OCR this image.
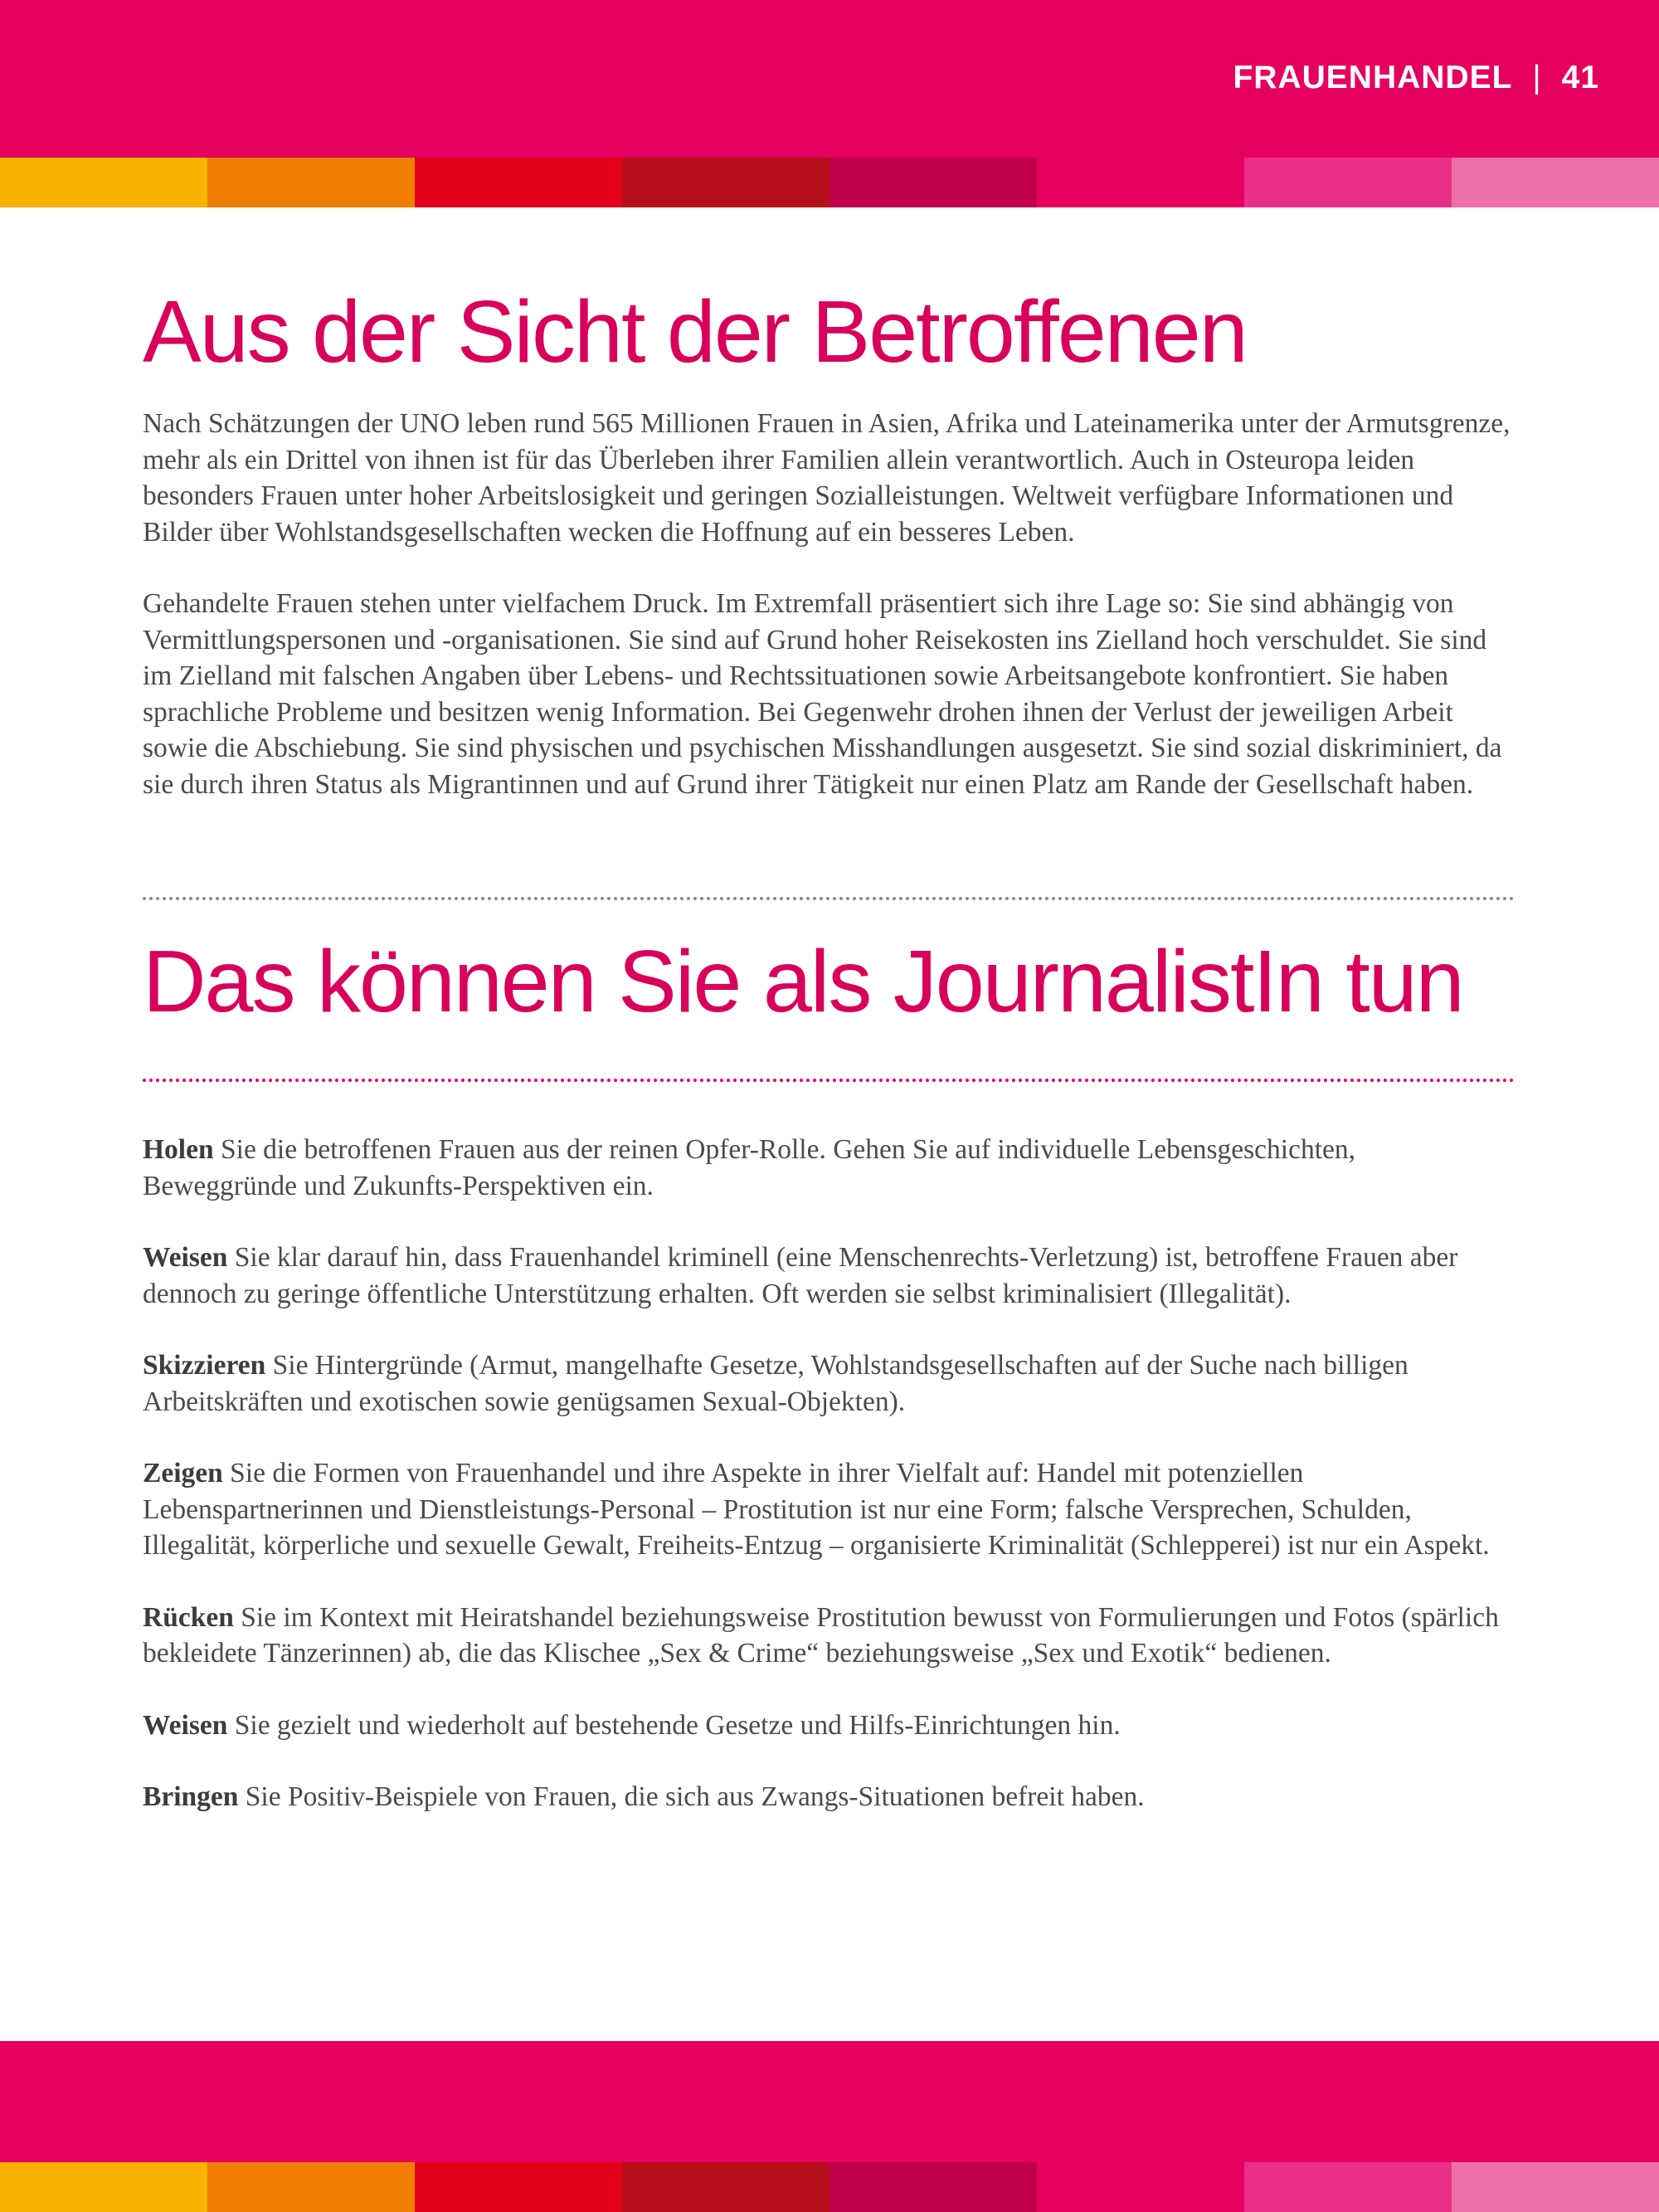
FRAUENHANDEL | 41
Aus der Sicht der Betroffenen

Nach Schätzungen der UNO leben rund 565 Millionen Frauen in Asien, Afrika und Lateinamerika unter der Armutsgrenze, mehr als ein Drittel von ihnen ist für das Überleben ihrer Familien allein verantwortlich. Auch in Osteuropa leiden besonders Frauen unter hoher Arbeitslosigkeit und geringen Sozialleistungen. Weltweit verfügbare Informationen und Bilder über Wohlstandsgesellschaften wecken die Hoffnung auf ein besseres Leben.

Gehandelte Frauen stehen unter vielfachem Druck. Im Extremfall präsentiert sich ihre Lage so: Sie sind abhängig von Vermittlungspersonen und -organisationen. Sie sind auf Grund hoher Reisekosten ins Zielland hoch verschuldet. Sie sind im Zielland mit falschen Angaben über Lebens- und Rechtssituationen sowie Arbeitsangebote konfrontiert. Sie haben sprachliche Probleme und besitzen wenig Information. Bei Gegenwehr drohen ihnen der Verlust der jeweiligen Arbeit sowie die Abschiebung. Sie sind physischen und psychischen Misshandlungen ausgesetzt. Sie sind sozial diskriminiert, da sie durch ihren Status als Migrantinnen und auf Grund ihrer Tätigkeit nur einen Platz am Rande der Gesellschaft haben.

Das können Sie als JournalistIn tun

Holen Sie die betroffenen Frauen aus der reinen Opfer-Rolle. Gehen Sie auf individuelle Lebensgeschichten, Beweggründe und Zukunfts-Perspektiven ein.

Weisen Sie klar darauf hin, dass Frauenhandel kriminell (eine Menschenrechts-Verletzung) ist, betroffene Frauen aber dennoch zu geringe öffentliche Unterstützung erhalten. Oft werden sie selbst kriminalisiert (Illegalität).

Skizzieren Sie Hintergründe (Armut, mangelhafte Gesetze, Wohlstandsgesellschaften auf der Suche nach billigen Arbeitskräften und exotischen sowie genügsamen Sexual-Objekten).

Zeigen Sie die Formen von Frauenhandel und ihre Aspekte in ihrer Vielfalt auf: Handel mit potenziellen Lebenspartnerinnen und Dienstleistungs-Personal – Prostitution ist nur eine Form; falsche Versprechen, Schulden, Illegalität, körperliche und sexuelle Gewalt, Freiheits-Entzug – organisierte Kriminalität (Schlepperei) ist nur ein Aspekt.

Rücken Sie im Kontext mit Heiratshandel beziehungsweise Prostitution bewusst von Formulierungen und Fotos (spärlich bekleidete Tänzerinnen) ab, die das Klischee „Sex & Crime“ beziehungsweise „Sex und Exotik“ bedienen.

Weisen Sie gezielt und wiederholt auf bestehende Gesetze und Hilfs-Einrichtungen hin.

Bringen Sie Positiv-Beispiele von Frauen, die sich aus Zwangs-Situationen befreit haben.
